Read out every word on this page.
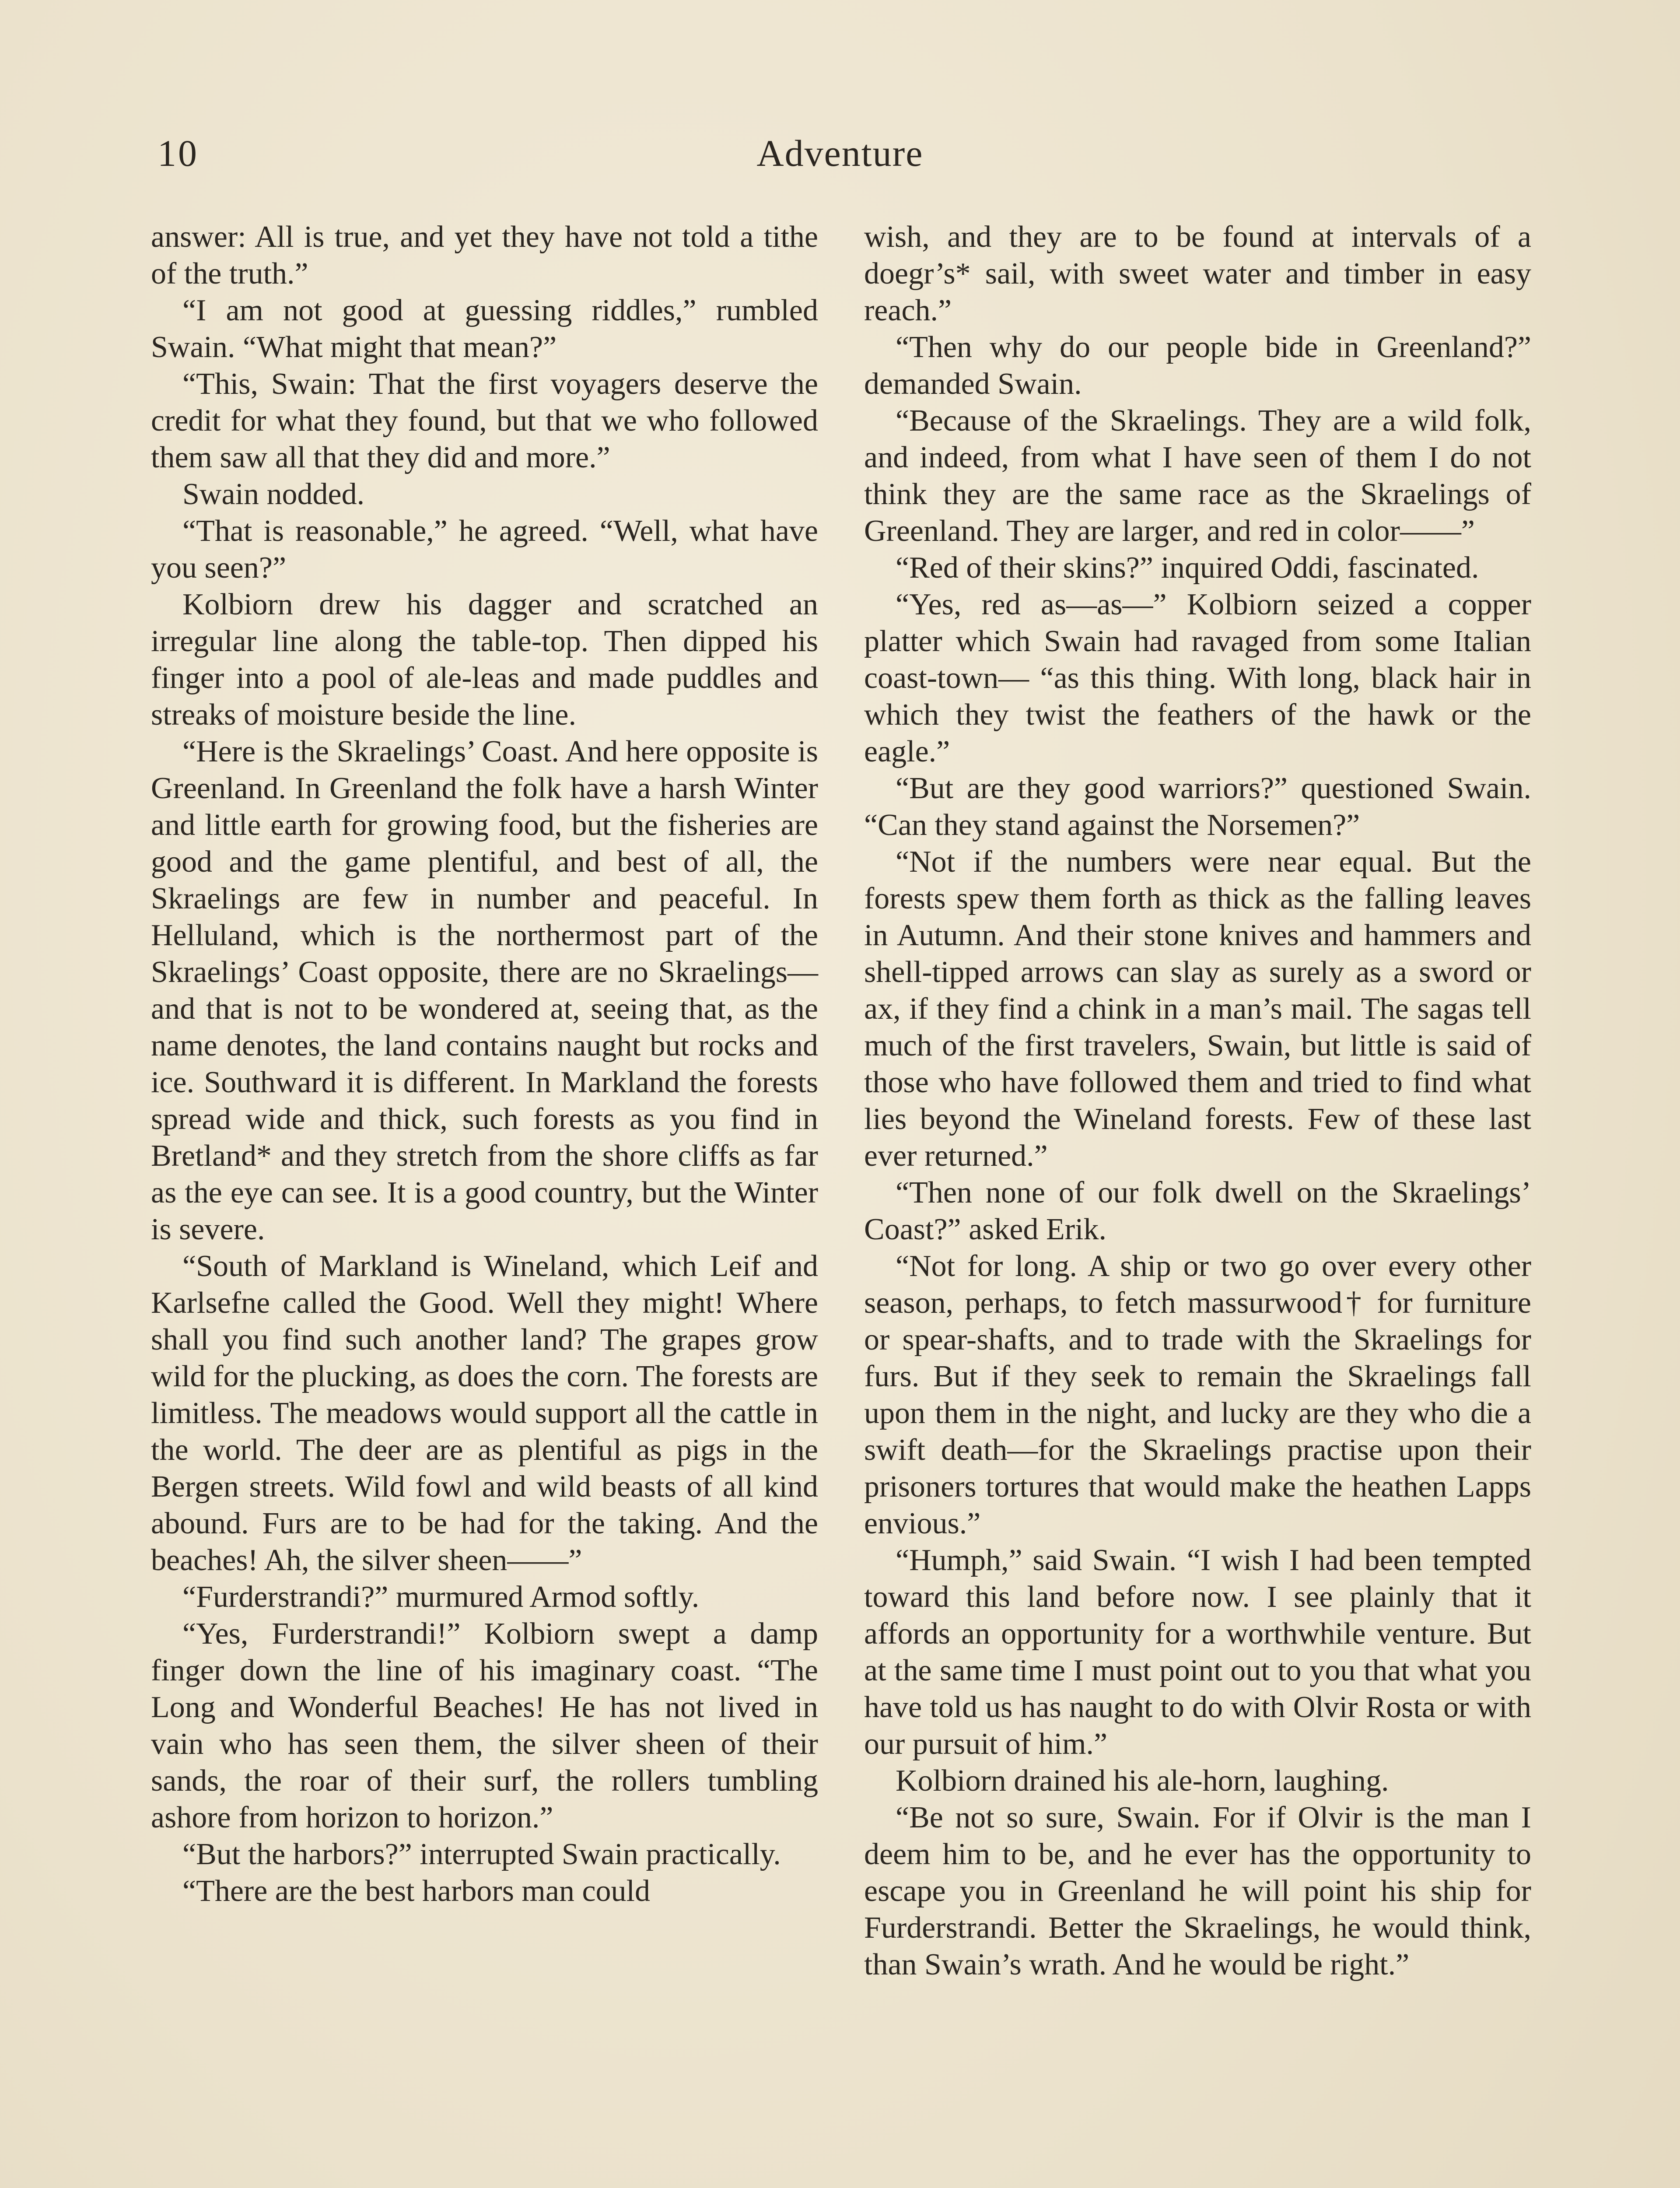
10	Adventure

answer: All is true, and yet they have not told a tithe of the truth.”

“I am not good at guessing riddles,” rumbled Swain. “What might that mean?”

“This, Swain: That the first voyagers deserve the credit for what they found, but that we who followed them saw all that they did and more.”

Swain nodded.

“That is reasonable,” he agreed. “Well, what have you seen?”

Kolbiorn drew his dagger and scratched an irregular line along the table-top. Then dipped his finger into a pool of ale-leas and made puddles and streaks of moisture beside the line.

“Here is the Skraelings’ Coast. And here opposite is Greenland. In Greenland the folk have a harsh Winter and little earth for growing food, but the fisheries are good and the game plentiful, and best of all, the Skraelings are few in number and peaceful. In Helluland, which is the northermost part of the Skraelings’ Coast opposite, there are no Skraelings—and that is not to be wondered at, seeing that, as the name denotes, the land contains naught but rocks and ice. Southward it is different. In Markland the forests spread wide and thick, such forests as you find in Bretland* and they stretch from the shore cliffs as far as the eye can see. It is a good country, but the Winter is severe.

“South of Markland is Wineland, which Leif and Karlsefne called the Good. Well they might! Where shall you find such another land? The grapes grow wild for the plucking, as does the corn. The forests are limitless. The meadows would support all the cattle in the world. The deer are as plentiful as pigs in the Bergen streets. Wild fowl and wild beasts of all kind abound. Furs are to be had for the taking. And the beaches! Ah, the silver sheen——”

“Furderstrandi?” murmured Armod softly.

“Yes, Furderstrandi!” Kolbiorn swept a damp finger down the line of his imaginary coast. “The Long and Wonderful Beaches! He has not lived in vain who has seen them, the silver sheen of their sands, the roar of their surf, the rollers tumbling ashore from horizon to horizon.”

“But the harbors?” interrupted Swain practically.

“There are the best harbors man could

wish, and they are to be found at intervals of a doegr’s* sail, with sweet water and timber in easy reach.”

“Then why do our people bide in Greenland?” demanded Swain.

“Because of the Skraelings. They are a wild folk, and indeed, from what I have seen of them I do not think they are the same race as the Skraelings of Greenland. They are larger, and red in color——”

“Red of their skins?” inquired Oddi, fascinated.

“Yes, red as—as—” Kolbiorn seized a copper platter which Swain had ravaged from some Italian coast-town— “as this thing. With long, black hair in which they twist the feathers of the hawk or the eagle.”

“But are they good warriors?” questioned Swain. “Can they stand against the Norsemen?”

“Not if the numbers were near equal. But the forests spew them forth as thick as the falling leaves in Autumn. And their stone knives and hammers and shell-tipped arrows can slay as surely as a sword or ax, if they find a chink in a man’s mail. The sagas tell much of the first travelers, Swain, but little is said of those who have followed them and tried to find what lies beyond the Wineland forests. Few of these last ever returned.”

“Then none of our folk dwell on the Skraelings’ Coast?” asked Erik.

“Not for long. A ship or two go over every other season, perhaps, to fetch massurwood† for furniture or spear-shafts, and to trade with the Skraelings for furs. But if they seek to remain the Skraelings fall upon them in the night, and lucky are they who die a swift death—for the Skraelings practise upon their prisoners tortures that would make the heathen Lapps envious.”

“Humph,” said Swain. “I wish I had been tempted toward this land before now. I see plainly that it affords an opportunity for a worthwhile venture. But at the same time I must point out to you that what you have told us has naught to do with Olvir Rosta or with our pursuit of him.”

Kolbiorn drained his ale-horn, laughing.

“Be not so sure, Swain. For if Olvir is the man I deem him to be, and he ever has the opportunity to escape you in Greenland he will point his ship for Furderstrandi. Better the Skraelings, he would think, than Swain’s wrath. And he would be right.”
